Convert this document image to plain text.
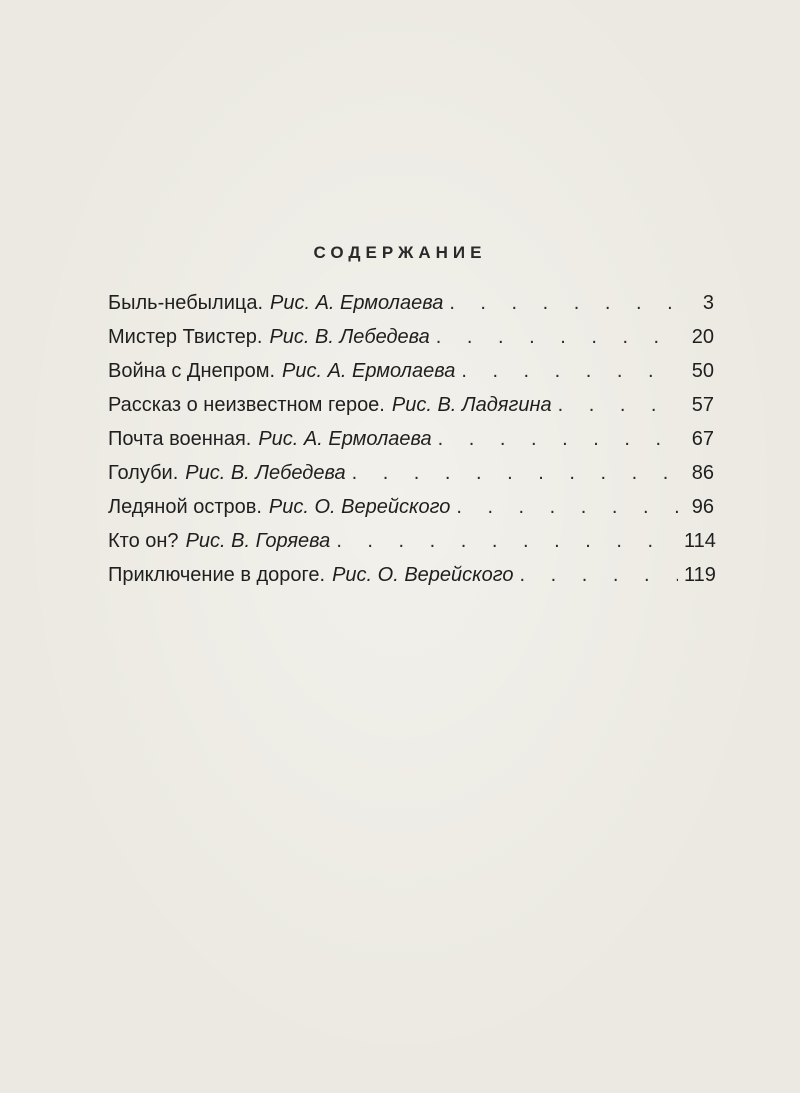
СОДЕРЖАНИЕ
Быль-небылица. Рис. А. Ермолаева . . .	3
Мистер Твистер. Рис. В. Лебедева . . .	20
Война с Днепром. Рис. А. Ермолаева . . .	50
Рассказ о неизвестном герое. Рис. В. Ладягина . . .	57
Почта военная. Рис. А. Ермолаева . . .	67
Голуби. Рис. В. Лебедева . . .	86
Ледяной остров. Рис. О. Верейского . . .	96
Кто он? Рис. В. Горяева . . .	114
Приключение в дороге. Рис. О. Верейского . . .	119
